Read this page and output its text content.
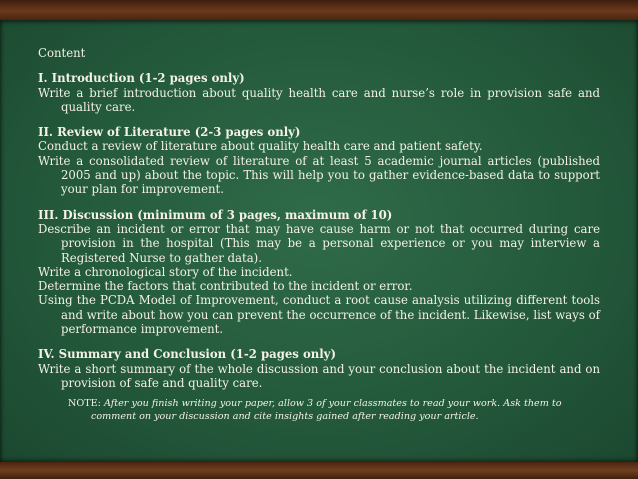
Content

I. Introduction (1-2 pages only)

Write a brief introduction about quality health care and nurse’s role in provision safe and quality care.

II. Review of Literature (2-3 pages only)

Conduct a review of literature about quality health care and patient safety.

Write a consolidated review of literature of at least 5 academic journal articles (published 2005 and up) about the topic. This will help you to gather evidence-based data to support your plan for improvement.

III. Discussion (minimum of 3 pages, maximum of 10)

Describe an incident or error that may have cause harm or not that occurred during care provision in the hospital (This may be a personal experience or you may interview a Registered Nurse to gather data).

Write a chronological story of the incident.

Determine the factors that contributed to the incident or error.

Using the PCDA Model of Improvement, conduct a root cause analysis utilizing different tools and write about how you can prevent the occurrence of the incident. Likewise, list ways of performance improvement.

IV. Summary and Conclusion (1-2 pages only)

Write a short summary of the whole discussion and your conclusion about the incident and on provision of safe and quality care.

NOTE: After you finish writing your paper, allow 3 of your classmates to read your work. Ask them to comment on your discussion and cite insights gained after reading your article.
